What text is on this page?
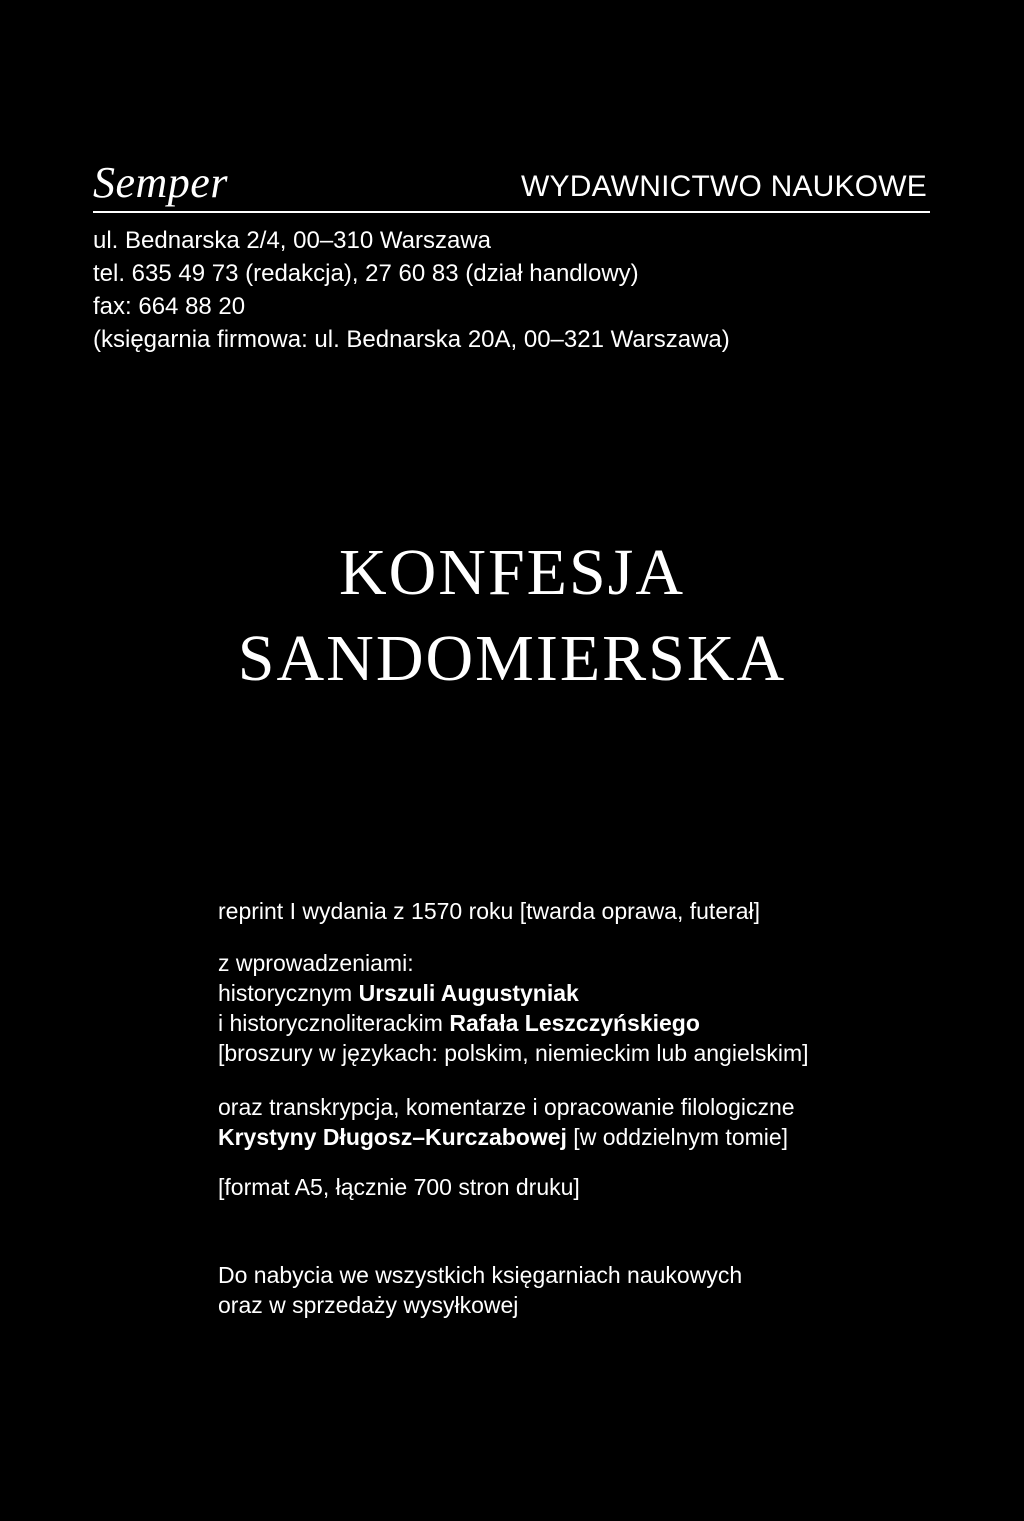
Semper	WYDAWNICTWO NAUKOWE
ul. Bednarska 2/4, 00–310 Warszawa
tel. 635 49 73 (redakcja), 27 60 83 (dział handlowy)
fax: 664 88 20
(księgarnia firmowa: ul. Bednarska 20A, 00–321 Warszawa)
KONFESJA
SANDOMIERSKA

reprint I wydania z 1570 roku [twarda oprawa, futerał]

z wprowadzeniami:

historycznym Urszuli Augustyniak

i historycznoliterackim Rafała Leszczyńskiego

[broszury w językach: polskim, niemieckim lub angielskim]

oraz transkrypcja, komentarze i opracowanie filologiczne

Krystyny Długosz–Kurczabowej [w oddzielnym tomie]

[format A5, łącznie 700 stron druku]

Do nabycia we wszystkich księgarniach naukowych

oraz w sprzedaży wysyłkowej
